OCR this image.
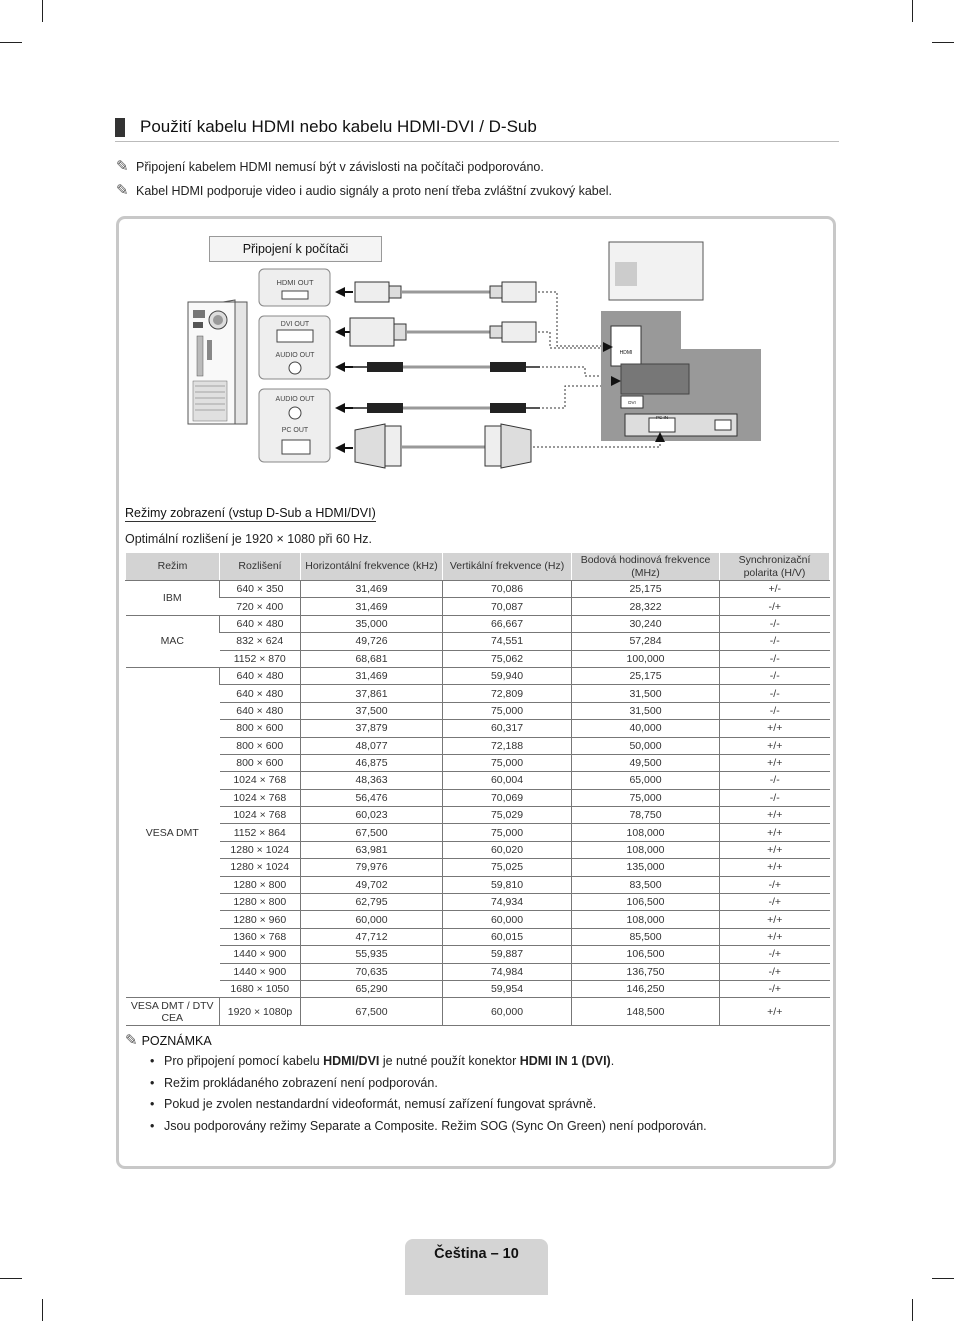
Použití kabelu HDMI nebo kabelu HDMI-DVI / D-Sub
✎ Připojení kabelem HDMI nemusí být v závislosti na počítači podporováno.
✎ Kabel HDMI podporuje video i audio signály a proto není třeba zvláštní zvukový kabel.
Připojení k počítači
HDMI OUT
DVI OUT
AUDIO OUT
AUDIO OUT
PC OUT
HDMI
DVI
PC IN
Režimy zobrazení (vstup D-Sub a HDMI/DVI)
Optimální rozlišení je 1920 × 1080 při 60 Hz.
Režim	Rozlišení	Horizontální frekvence (kHz)	Vertikální frekvence (Hz)	Bodová hodinová frekvence (MHz)	Synchronizační polarita (H/V)
IBM	640 × 350	31,469	70,086	25,175	+/-
	720 × 400	31,469	70,087	28,322	-/+
MAC	640 × 480	35,000	66,667	30,240	-/-
	832 × 624	49,726	74,551	57,284	-/-
	1152 × 870	68,681	75,062	100,000	-/-
VESA DMT	640 × 480	31,469	59,940	25,175	-/-
	640 × 480	37,861	72,809	31,500	-/-
	640 × 480	37,500	75,000	31,500	-/-
	800 × 600	37,879	60,317	40,000	+/+
	800 × 600	48,077	72,188	50,000	+/+
	800 × 600	46,875	75,000	49,500	+/+
	1024 × 768	48,363	60,004	65,000	-/-
	1024 × 768	56,476	70,069	75,000	-/-
	1024 × 768	60,023	75,029	78,750	+/+
	1152 × 864	67,500	75,000	108,000	+/+
	1280 × 1024	63,981	60,020	108,000	+/+
	1280 × 1024	79,976	75,025	135,000	+/+
	1280 × 800	49,702	59,810	83,500	-/+
	1280 × 800	62,795	74,934	106,500	-/+
	1280 × 960	60,000	60,000	108,000	+/+
	1360 × 768	47,712	60,015	85,500	+/+
	1440 × 900	55,935	59,887	106,500	-/+
	1440 × 900	70,635	74,984	136,750	-/+
	1680 × 1050	65,290	59,954	146,250	-/+
VESA DMT / DTV CEA	1920 × 1080p	67,500	60,000	148,500	+/+
✎ POZNÁMKA
• Pro připojení pomocí kabelu HDMI/DVI je nutné použít konektor HDMI IN 1 (DVI).
• Režim prokládaného zobrazení není podporován.
• Pokud je zvolen nestandardní videoformát, nemusí zařízení fungovat správně.
• Jsou podporovány režimy Separate a Composite. Režim SOG (Sync On Green) není podporován.
Čeština – 10
